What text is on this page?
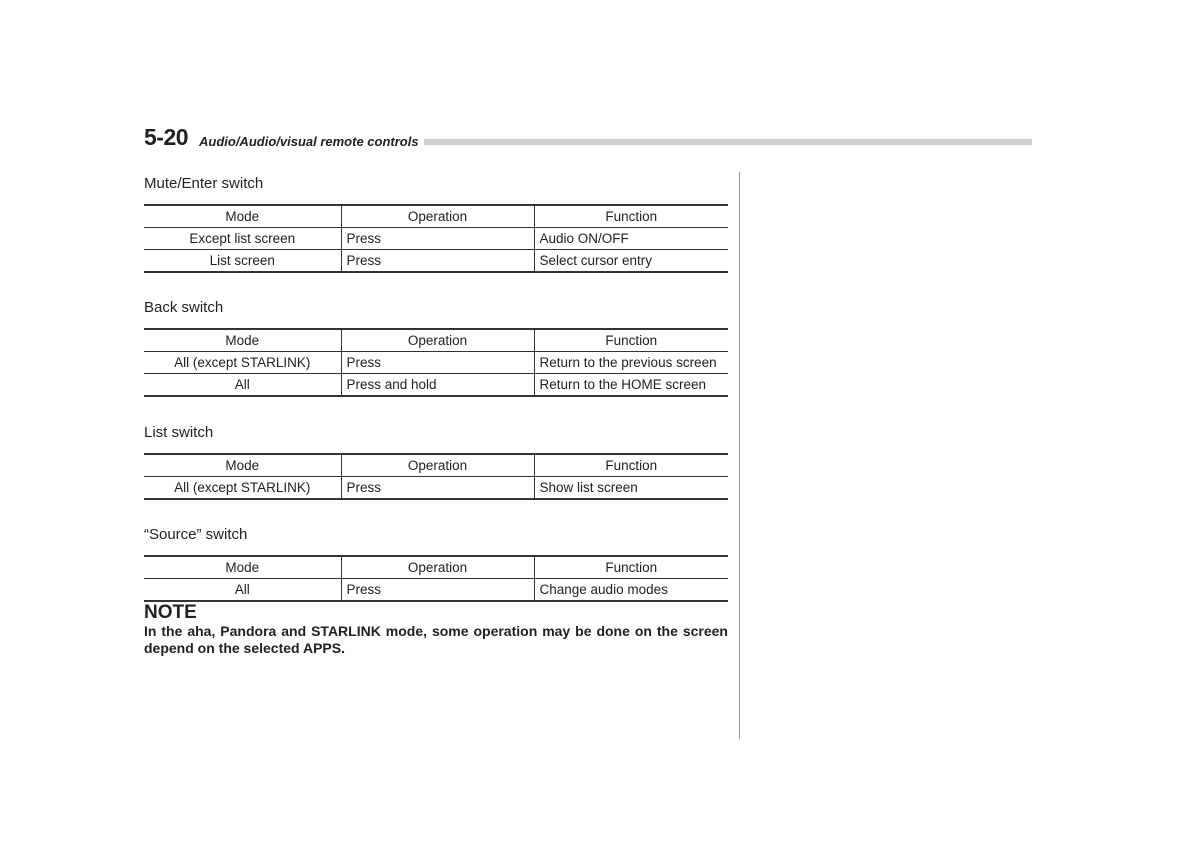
5-20 Audio/Audio/visual remote controls
Mute/Enter switch
Mode	Operation	Function
Except list screen	Press	Audio ON/OFF
List screen	Press	Select cursor entry
Back switch
Mode	Operation	Function
All (except STARLINK)	Press	Return to the previous screen
All	Press and hold	Return to the HOME screen
List switch
Mode	Operation	Function
All (except STARLINK)	Press	Show list screen
“Source” switch
Mode	Operation	Function
All	Press	Change audio modes
NOTE
In the aha, Pandora and STARLINK mode, some operation may be done on the screen depend on the selected APPS.
